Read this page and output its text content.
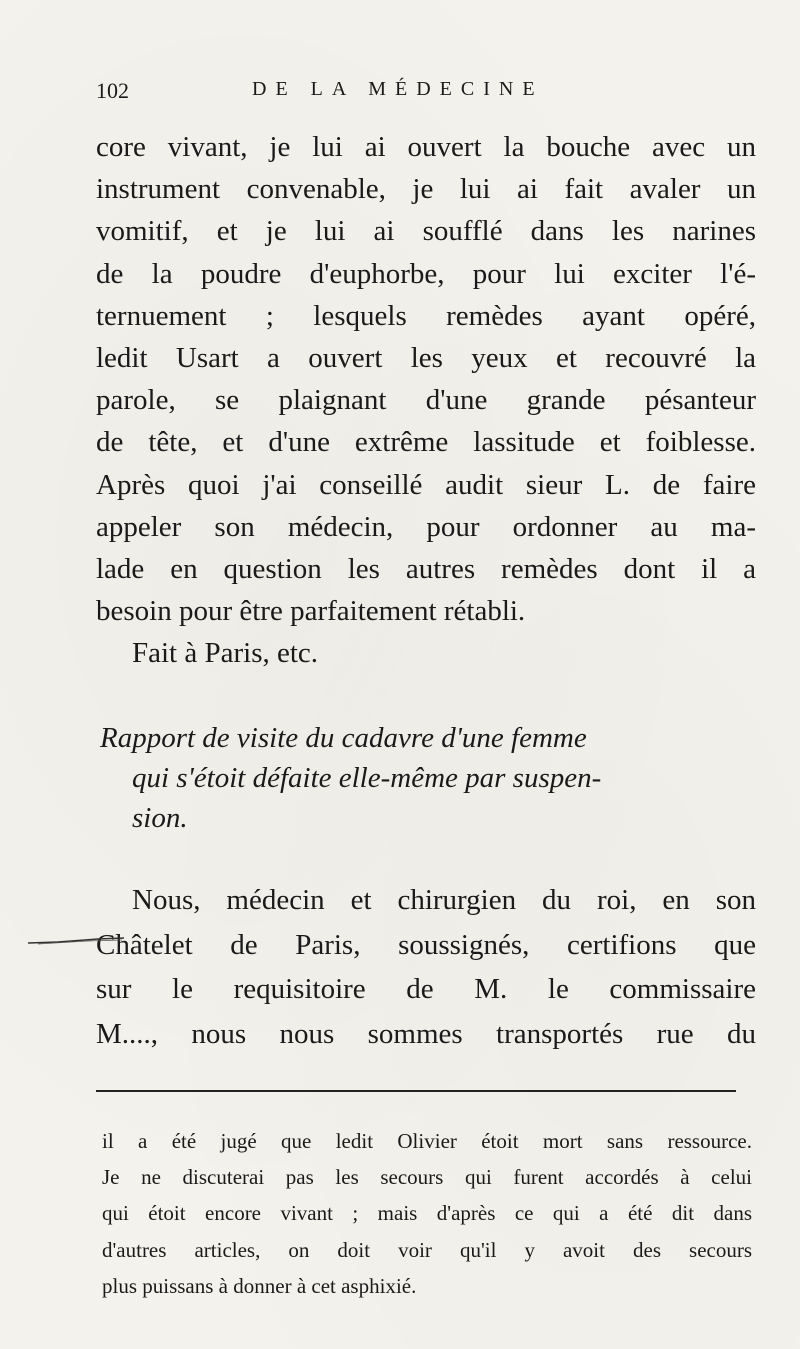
102	DE LA MÉDECINE
core vivant, je lui ai ouvert la bouche avec un
instrument convenable, je lui ai fait avaler un
vomitif, et je lui ai soufflé dans les narines
de la poudre d'euphorbe, pour lui exciter l'é-
ternuement ; lesquels remèdes ayant opéré,
ledit Usart a ouvert les yeux et recouvré la
parole, se plaignant d'une grande pésanteur
de tête, et d'une extrême lassitude et foiblesse.
Après quoi j'ai conseillé audit sieur L. de faire
appeler son médecin, pour ordonner au ma-
lade en question les autres remèdes dont il a
besoin pour être parfaitement rétabli.
Fait à Paris, etc.
Rapport de visite du cadavre d'une femme
qui s'étoit défaite elle-même par suspen-
sion.
Nous, médecin et chirurgien du roi, en son
Châtelet de Paris, soussignés, certifions que
sur le requisitoire de M. le commissaire
M...., nous nous sommes transportés rue du
il a été jugé que ledit Olivier étoit mort sans ressource.
Je ne discuterai pas les secours qui furent accordés à celui
qui étoit encore vivant ; mais d'après ce qui a été dit dans
d'autres articles, on doit voir qu'il y avoit des secours
plus puissans à donner à cet asphixié.
